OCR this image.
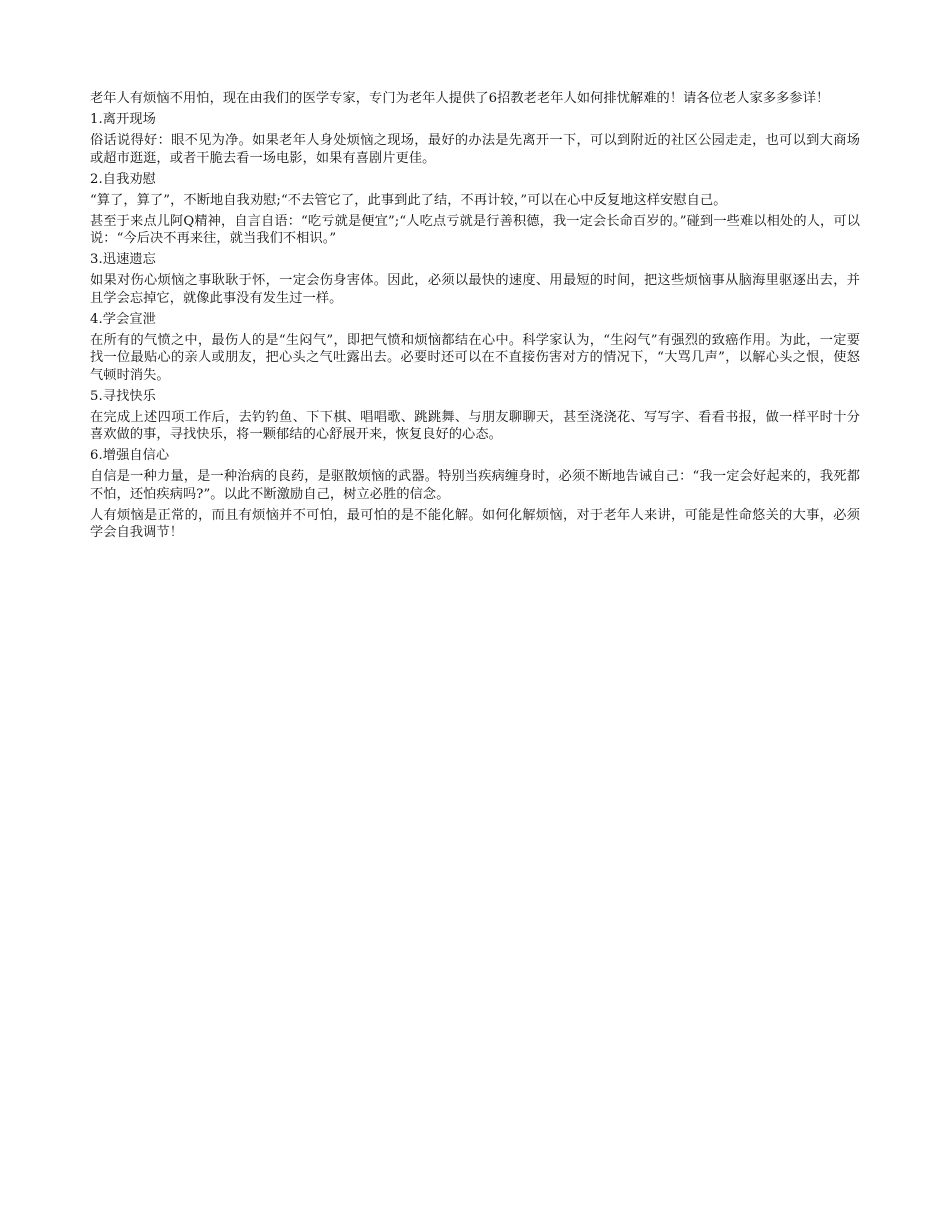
老年人有烦恼不用怕，现在由我们的医学专家，专门为老年人提供了6招教老老年人如何排忧解难的！请各位老人家多多参详！

1.离开现场

俗话说得好：眼不见为净。如果老年人身处烦恼之现场，最好的办法是先离开一下，可以到附近的社区公园走走，也可以到大商场或超市逛逛，或者干脆去看一场电影，如果有喜剧片更佳。

2.自我劝慰

“算了，算了”，不断地自我劝慰;“不去管它了，此事到此了结，不再计较，”可以在心中反复地这样安慰自己。

甚至于来点儿阿Q精神，自言自语：“吃亏就是便宜”;“人吃点亏就是行善积德，我一定会长命百岁的。”碰到一些难以相处的人，可以说：“今后决不再来往，就当我们不相识。”

3.迅速遗忘

如果对伤心烦恼之事耿耿于怀，一定会伤身害体。因此，必须以最快的速度、用最短的时间，把这些烦恼事从脑海里驱逐出去，并且学会忘掉它，就像此事没有发生过一样。

4.学会宣泄

在所有的气愤之中，最伤人的是“生闷气”，即把气愤和烦恼都结在心中。科学家认为，“生闷气”有强烈的致癌作用。为此，一定要找一位最贴心的亲人或朋友，把心头之气吐露出去。必要时还可以在不直接伤害对方的情况下，“大骂几声”，以解心头之恨，使怒气顿时消失。

5.寻找快乐

在完成上述四项工作后，去钓钓鱼、下下棋、唱唱歌、跳跳舞、与朋友聊聊天，甚至浇浇花、写写字、看看书报，做一样平时十分喜欢做的事，寻找快乐，将一颗郁结的心舒展开来，恢复良好的心态。

6.增强自信心

自信是一种力量，是一种治病的良药，是驱散烦恼的武器。特别当疾病缠身时，必须不断地告诫自己：“我一定会好起来的，我死都不怕，还怕疾病吗?”。以此不断激励自己，树立必胜的信念。

人有烦恼是正常的，而且有烦恼并不可怕，最可怕的是不能化解。如何化解烦恼，对于老年人来讲，可能是性命悠关的大事，必须学会自我调节！
